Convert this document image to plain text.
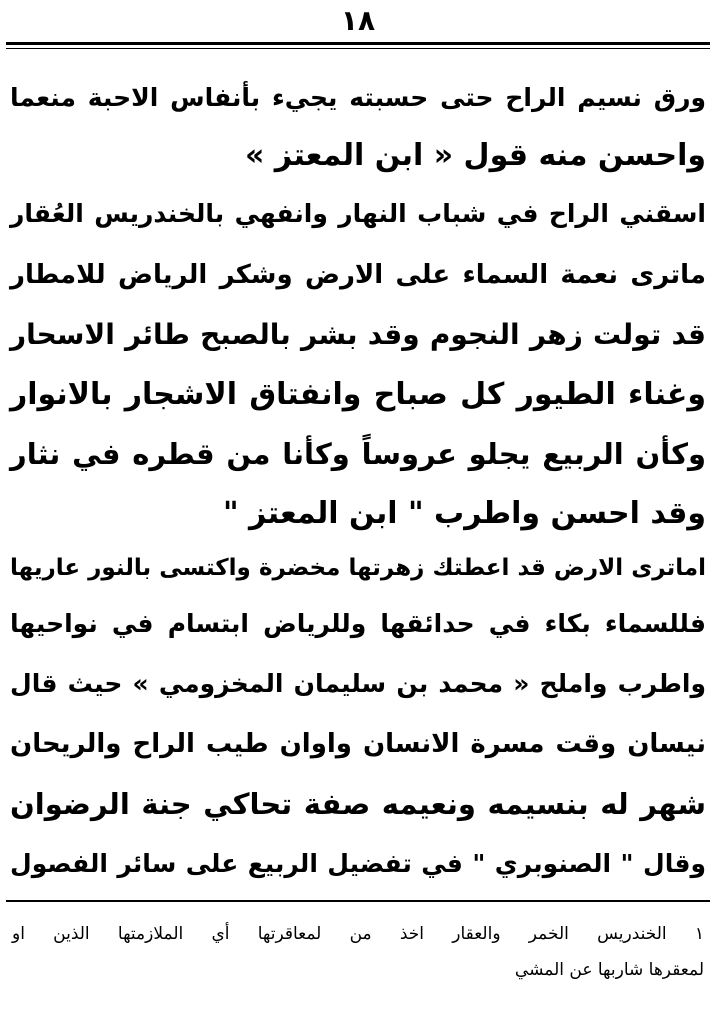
١٨
ورق نسيم الراح حتى حسبته يجيء بأنفاس الاحبة منعما
واحسن منه قول « ابن المعتز »
اسقني الراح في شباب النهار وانفهي بالخندريس العُقار
ماترى نعمة السماء على الارض وشكر الرياض للامطار
قد تولت زهر النجوم وقد بشر بالصبح طائر الاسحار
وغناء الطيور كل صباح وانفتاق الاشجار بالانوار
وكأن الربيع يجلو عروساً وكأنا من قطره في نثار
وقد احسن واطرب " ابن المعتز "
اماترى الارض قد اعطتك زهرتها مخضرة واكتسى بالنور عاريها
فللسماء بكاء في حدائقها وللرياض ابتسام في نواحيها
واطرب واملح « محمد بن سليمان المخزومي » حيث قال
نيسان وقت مسرة الانسان واوان طيب الراح والريحان
شهر له بنسيمه ونعيمه صفة تحاكي جنة الرضوان
وقال " الصنوبري " في تفضيل الربيع على سائر الفصول
١ الخندريس الخمر والعقار اخذ من لمعاقرتها أي الملازمتها الذين او
لمعقرها شاربها عن المشي
